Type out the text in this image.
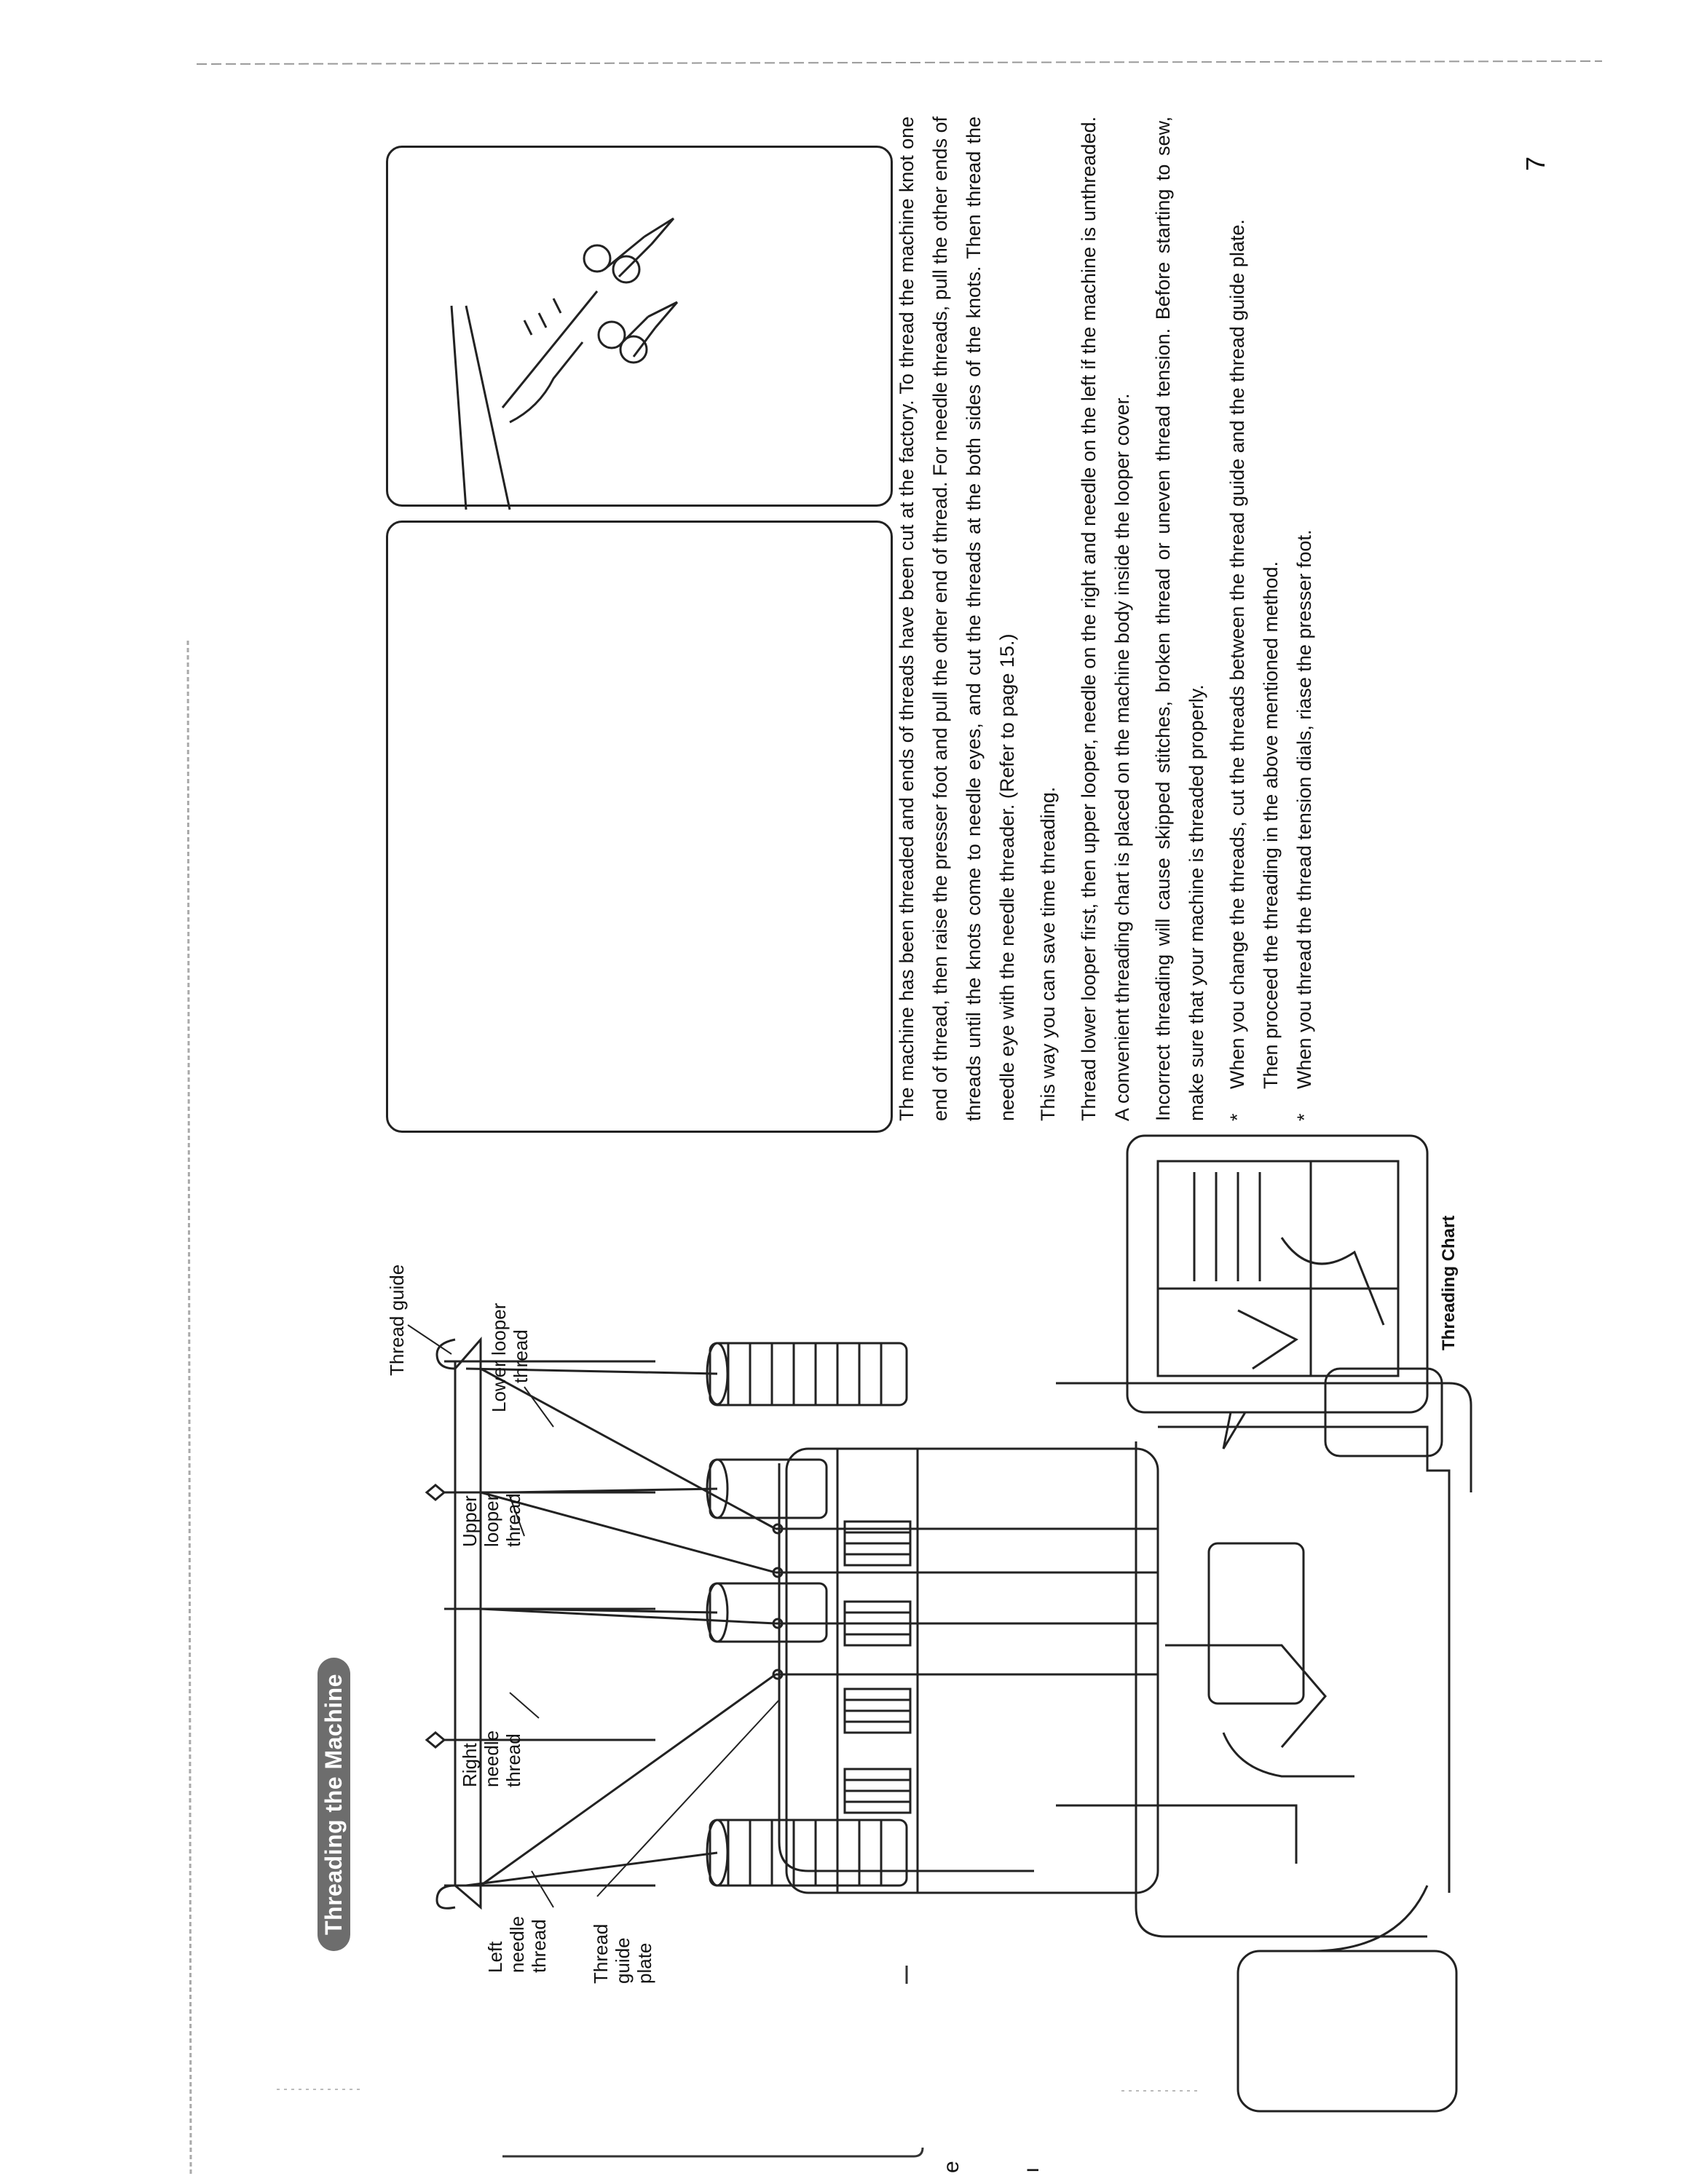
Threading the Machine
7
e	ı
Thread guide	Lower looper thread
Upper looper thread
Right needle thread
Left needle thread Thread guide plate
Threading Chart

The machine has been threaded and ends of threads have been cut at the factory. To thread the machine knot one end of thread, then raise the presser foot and pull the other end of thread. For needle threads, pull the other ends of threads until the knots come to needle eyes, and cut the threads at the both sides of the knots. Then thread the needle eye with the needle threader. (Refer to page 15.) This way you can save time threading. Thread lower looper first, then upper looper, needle on the right and needle on the left if the machine is unthreaded. A convenient threading chart is placed on the machine body inside the looper cover. Incorrect threading will cause skipped stitches, broken thread or uneven thread tension. Before starting to sew, make sure that your machine is threaded properly. *
When you change the threads, cut the threads between the thread guide and the thread guide plate. Then proceed the threading in the above mentioned method.
*
When you thread the thread tension dials, riase the presser foot.
